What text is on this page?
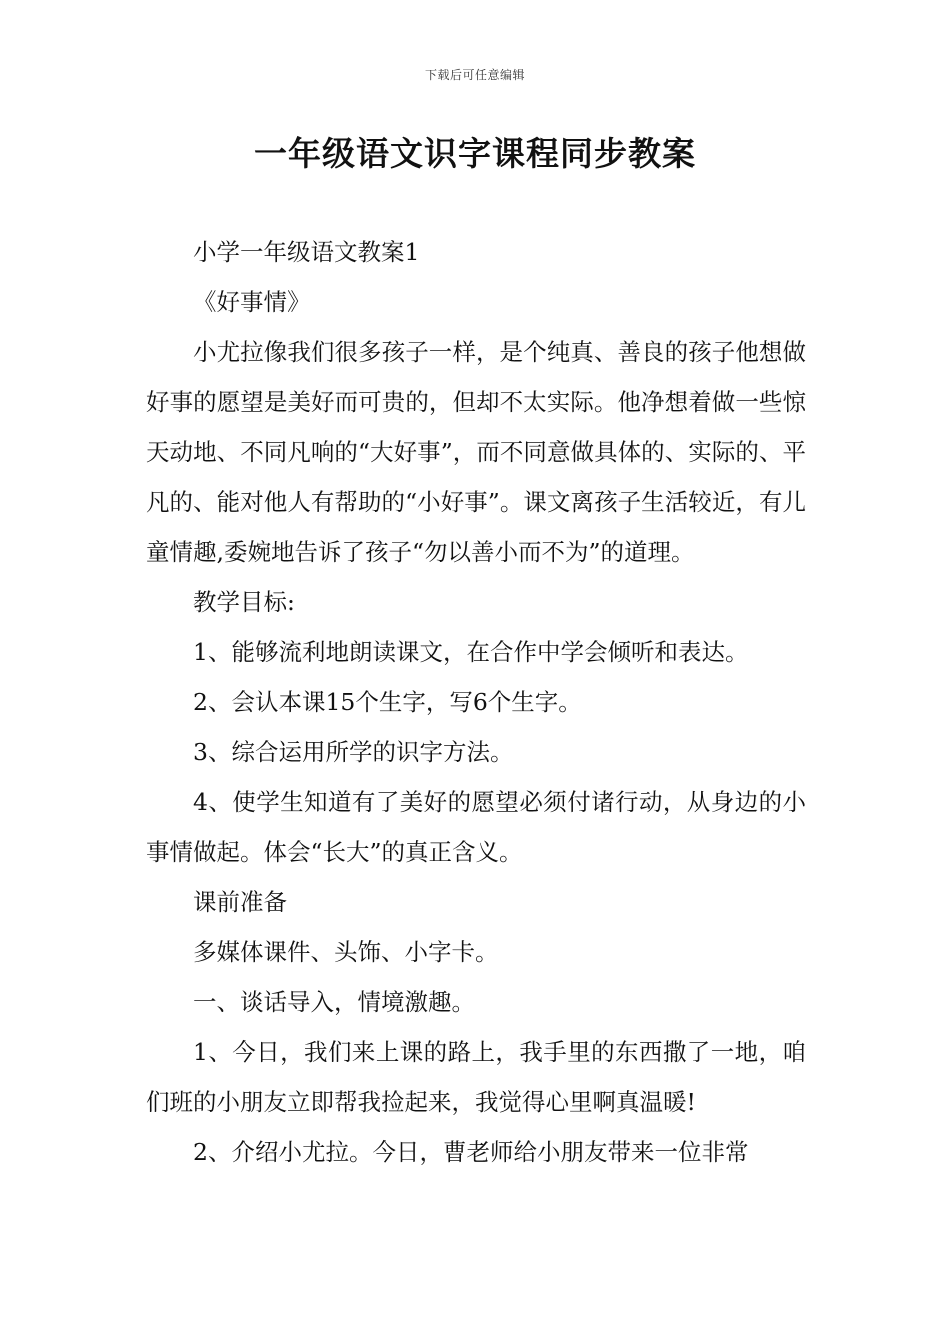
下载后可任意编辑
一年级语文识字课程同步教案

小学一年级语文教案1

《好事情》

小尤拉像我们很多孩子一样，是个纯真、善良的孩子他想做好事的愿望是美好而可贵的，但却不太实际。他净想着做一些惊天动地、不同凡响的“大好事”，而不同意做具体的、实际的、平凡的、能对他人有帮助的“小好事”。课文离孩子生活较近，有儿童情趣,委婉地告诉了孩子“勿以善小而不为”的道理。

教学目标:

1、能够流利地朗读课文，在合作中学会倾听和表达。

2、会认本课15个生字，写6个生字。

3、综合运用所学的识字方法。

4、使学生知道有了美好的愿望必须付诸行动，从身边的小事情做起。体会“长大”的真正含义。

课前准备

多媒体课件、头饰、小字卡。

一、谈话导入，情境激趣。

1、今日，我们来上课的路上，我手里的东西撒了一地，咱们班的小朋友立即帮我捡起来，我觉得心里啊真温暖!

2、介绍小尤拉。今日，曹老师给小朋友带来一位非常
